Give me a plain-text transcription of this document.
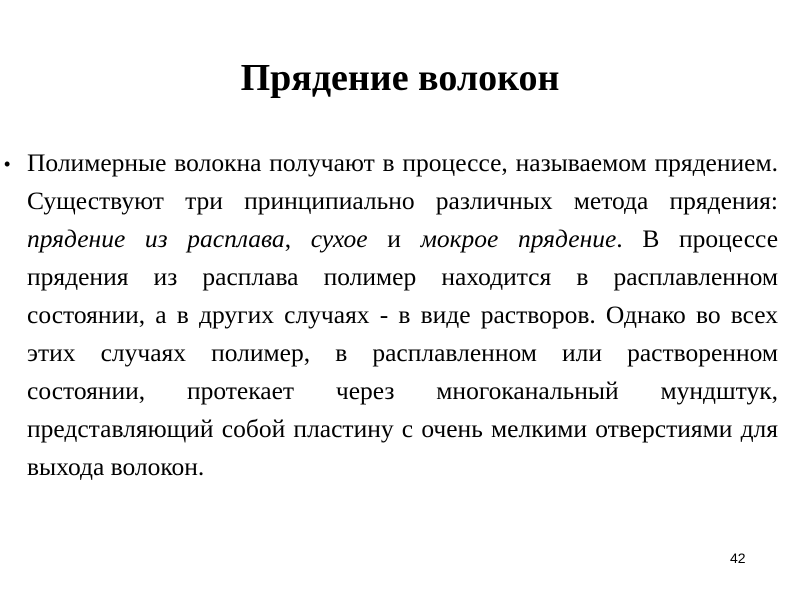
Прядение волокон
• Полимерные волокна получают в процессе, называемом прядением. Существуют три принципиально различных метода прядения: прядение из расплава, сухое и мокрое прядение. В процессе прядения из расплава полимер находится в расплавленном состоянии, а в других случаях - в виде растворов. Однако во всех этих случаях полимер, в расплавленном или растворенном состоянии, протекает через многоканальный мундштук, представляющий собой пластину с очень мелкими отверстиями для выхода волокон.

42
